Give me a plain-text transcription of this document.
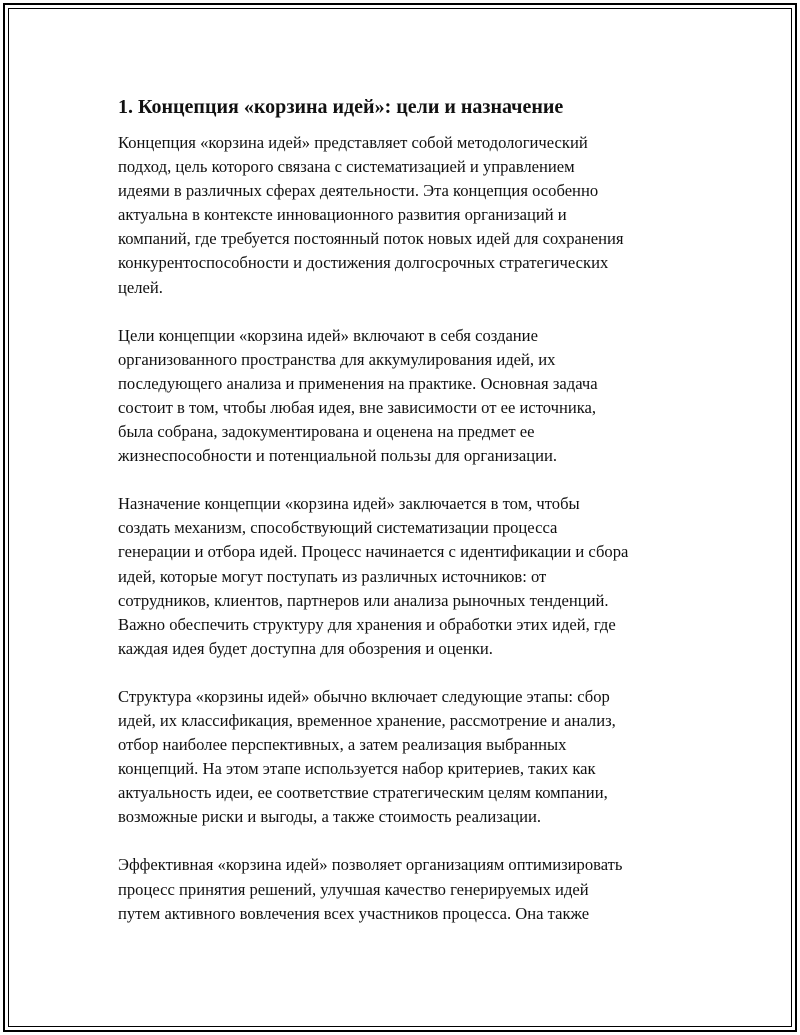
1. Концепция «корзина идей»: цели и назначение

Концепция «корзина идей» представляет собой методологический
подход, цель которого связана с систематизацией и управлением
идеями в различных сферах деятельности. Эта концепция особенно
актуальна в контексте инновационного развития организаций и
компаний, где требуется постоянный поток новых идей для сохранения
конкурентоспособности и достижения долгосрочных стратегических
целей.

Цели концепции «корзина идей» включают в себя создание
организованного пространства для аккумулирования идей, их
последующего анализа и применения на практике. Основная задача
состоит в том, чтобы любая идея, вне зависимости от ее источника,
была собрана, задокументирована и оценена на предмет ее
жизнеспособности и потенциальной пользы для организации.

Назначение концепции «корзина идей» заключается в том, чтобы
создать механизм, способствующий систематизации процесса
генерации и отбора идей. Процесс начинается с идентификации и сбора
идей, которые могут поступать из различных источников: от
сотрудников, клиентов, партнеров или анализа рыночных тенденций.
Важно обеспечить структуру для хранения и обработки этих идей, где
каждая идея будет доступна для обозрения и оценки.

Структура «корзины идей» обычно включает следующие этапы: сбор
идей, их классификация, временное хранение, рассмотрение и анализ,
отбор наиболее перспективных, а затем реализация выбранных
концепций. На этом этапе используется набор критериев, таких как
актуальность идеи, ее соответствие стратегическим целям компании,
возможные риски и выгоды, а также стоимость реализации.

Эффективная «корзина идей» позволяет организациям оптимизировать
процесс принятия решений, улучшая качество генерируемых идей
путем активного вовлечения всех участников процесса. Она также
